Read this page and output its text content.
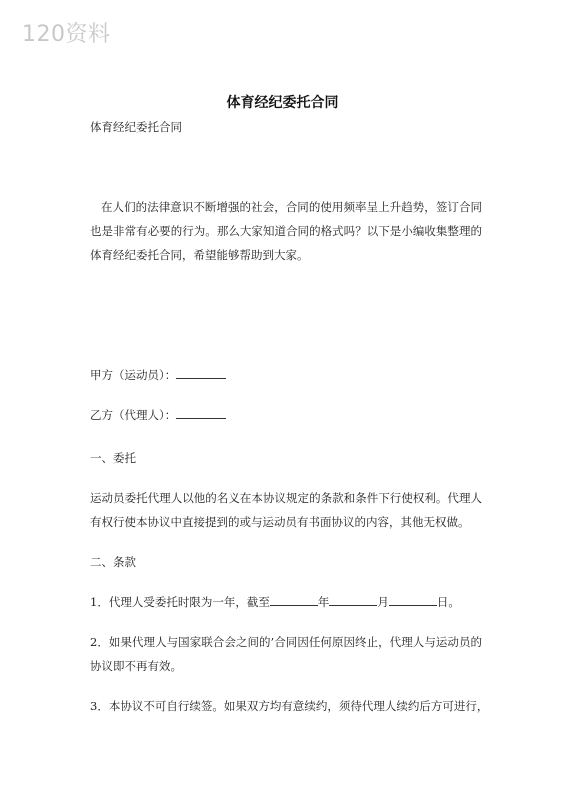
120资料
体育经纪委托合同
体育经纪委托合同
在人们的法律意识不断增强的社会，合同的使用频率呈上升趋势，签订合同也是非常有必要的行为。那么大家知道合同的格式吗？以下是小编收集整理的体育经纪委托合同，希望能够帮助到大家。
甲方（运动员）：
乙方（代理人）：
一、委托
运动员委托代理人以他的名义在本协议规定的条款和条件下行使权利。代理人有权行使本协议中直接提到的或与运动员有书面协议的内容，其他无权做。
二、条款
1．代理人受委托时限为一年，截至	年	月	日。
2．如果代理人与国家联合会之间的’合同因任何原因终止，代理人与运动员的协议即不再有效。
3．本协议不可自行续签。如果双方均有意续约，须待代理人续约后方可进行，
